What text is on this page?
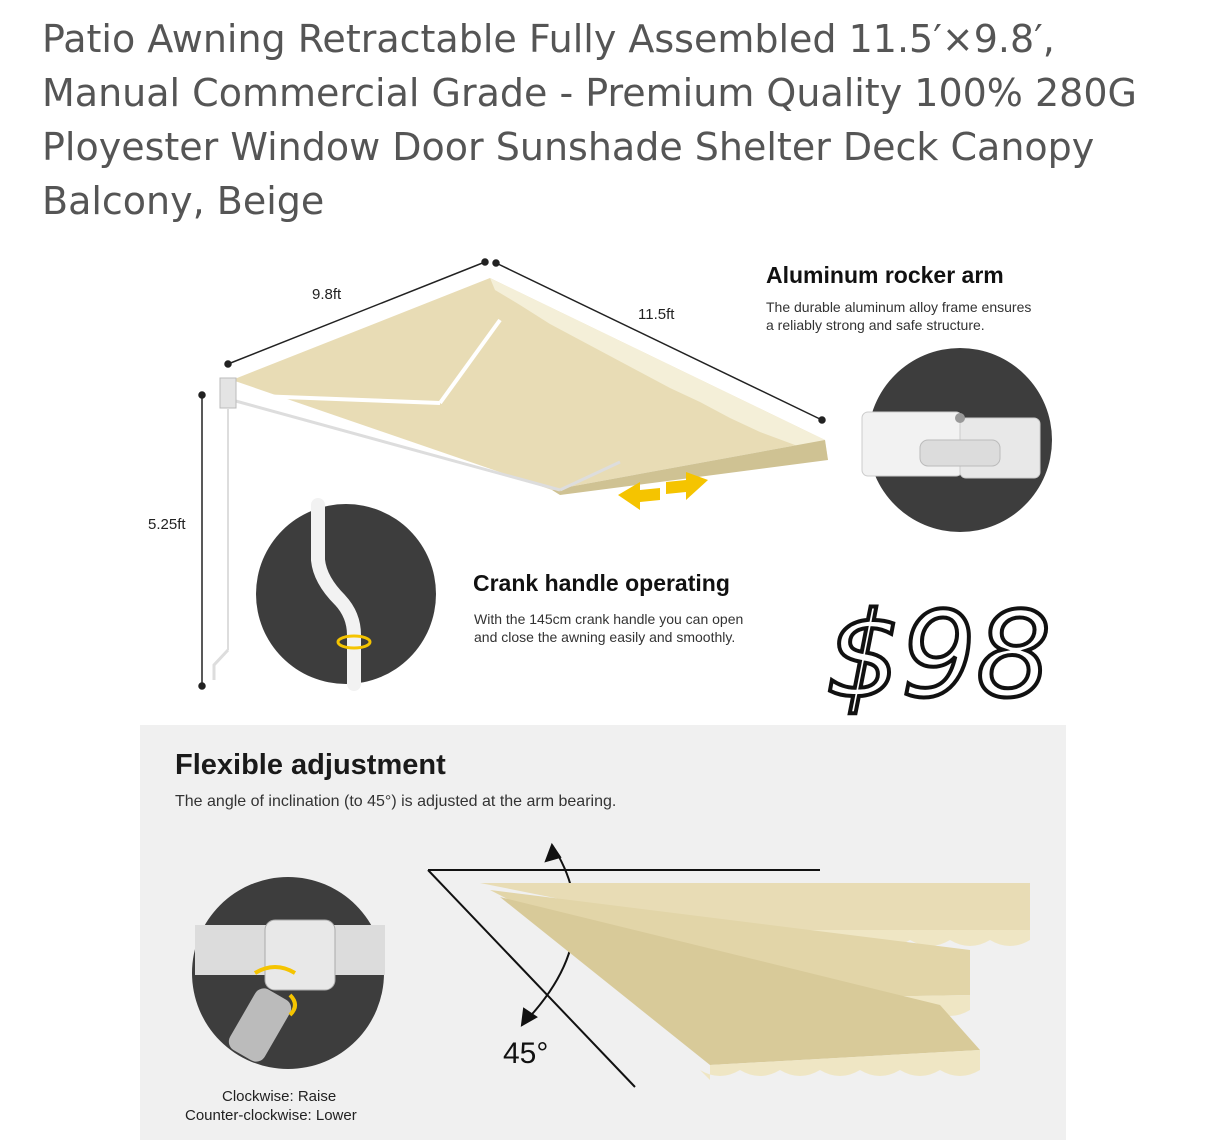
Patio Awning Retractable Fully Assembled 11.5′×9.8′, Manual Commercial Grade - Premium Quality 100% 280G Ployester Window Door Sunshade Shelter Deck Canopy Balcony, Beige
9.8ft
11.5ft
5.25ft
$98
Aluminum rocker arm
The durable aluminum alloy frame ensures
a reliably strong and safe structure.
Crank handle operating
With the 145cm crank handle you can open
and close the awning easily and smoothly.
Flexible adjustment
The angle of inclination (to 45°) is adjusted at the arm bearing.
45°
Clockwise: Raise
Counter-clockwise: Lower
